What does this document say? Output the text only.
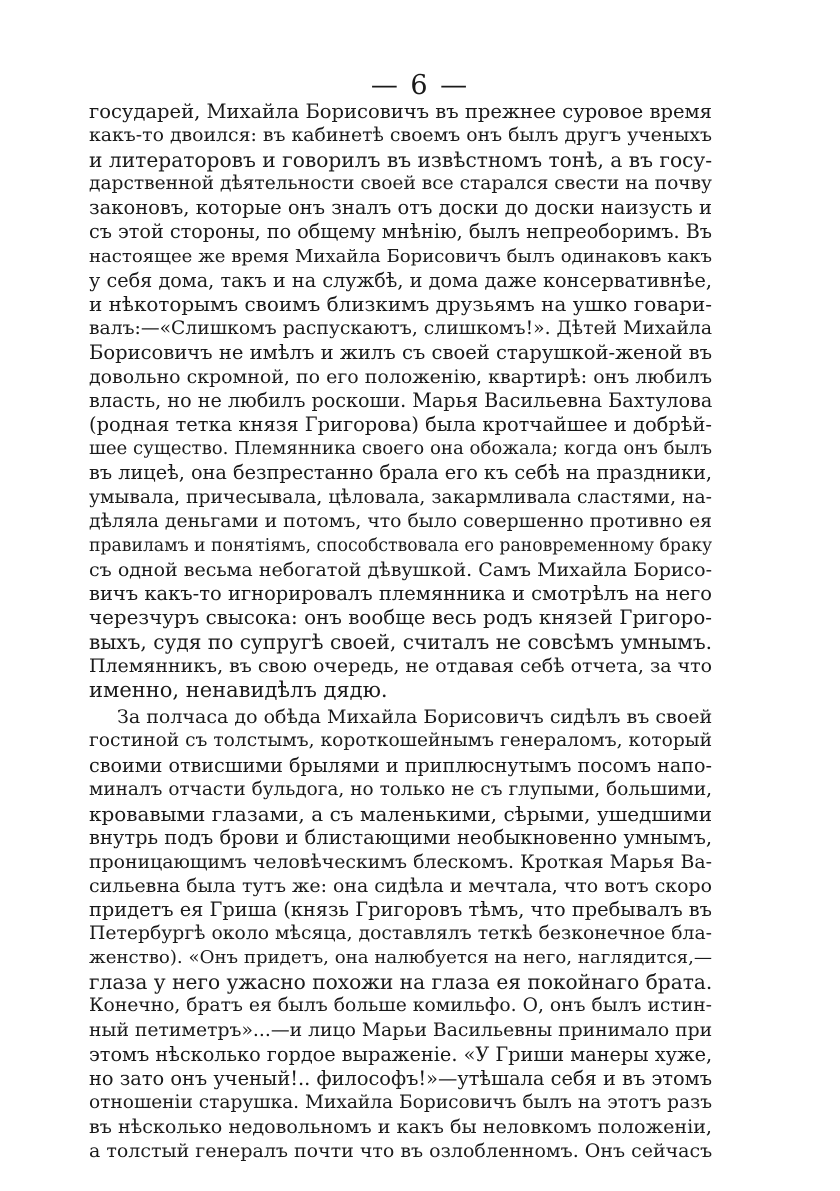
— 6 —
государей, Михайла Борисовичъ въ прежнее суровое время
какъ-то двоился: въ кабинетѣ своемъ онъ былъ другъ ученыхъ
и литераторовъ и говорилъ въ извѣстномъ тонѣ, а въ госу-
дарственной дѣятельности своей все старался свести на почву
законовъ, которые онъ зналъ отъ доски до доски наизусть и
съ этой стороны, по общему мнѣнію, былъ непреоборимъ. Въ
настоящее же время Михайла Борисовичъ былъ одинаковъ какъ
у себя дома, такъ и на службѣ, и дома даже консервативнѣе,
и нѣкоторымъ своимъ близкимъ друзьямъ на ушко говари-
валъ:—«Слишкомъ распускаютъ, слишкомъ!». Дѣтей Михайла
Борисовичъ не имѣлъ и жилъ съ своей старушкой-женой въ
довольно скромной, по его положенію, квартирѣ: онъ любилъ
власть, но не любилъ роскоши. Марья Васильевна Бахтулова
(родная тетка князя Григорова) была кротчайшее и добрѣй-
шее существо. Племянника своего она обожала; когда онъ былъ
въ лицеѣ, она безпрестанно брала его къ себѣ на праздники,
умывала, причесывала, цѣловала, закармливала сластями, на-
дѣляла деньгами и потомъ, что было совершенно противно ея
правиламъ и понятіямъ, способствовала его рановременному браку
съ одной весьма небогатой дѣвушкой. Самъ Михайла Борисо-
вичъ какъ-то игнорировалъ племянника и смотрѣлъ на него
черезчуръ свысока: онъ вообще весь родъ князей Григоро-
выхъ, судя по супругѣ своей, считалъ не совсѣмъ умнымъ.
Племянникъ, въ свою очередь, не отдавая себѣ отчета, за что
именно, ненавидѣлъ дядю.
За полчаса до обѣда Михайла Борисовичъ сидѣлъ въ своей
гостиной съ толстымъ, короткошейнымъ генераломъ, который
своими отвисшими брылями и приплюснутымъ посомъ напо-
миналъ отчасти бульдога, но только не съ глупыми, большими,
кровавыми глазами, а съ маленькими, сѣрыми, ушедшими
внутрь подъ брови и блистающими необыкновенно умнымъ,
проницающимъ человѣческимъ блескомъ. Кроткая Марья Ва-
сильевна была тутъ же: она сидѣла и мечтала, что вотъ скоро
придетъ ея Гриша (князь Григоровъ тѣмъ, что пребывалъ въ
Петербургѣ около мѣсяца, доставлялъ теткѣ безконечное бла-
женство). «Онъ придетъ, она налюбуется на него, наглядится,—
глаза у него ужасно похожи на глаза ея покойнаго брата.
Конечно, братъ ея былъ больше комильфо. О, онъ былъ истин-
ный петиметръ»...—и лицо Марьи Васильевны принимало при
этомъ нѣсколько гордое выраженіе. «У Гриши манеры хуже,
но зато онъ ученый!.. философъ!»—утѣшала себя и въ этомъ
отношеніи старушка. Михайла Борисовичъ былъ на этотъ разъ
въ нѣсколько недовольномъ и какъ бы неловкомъ положеніи,
а толстый генералъ почти что въ озлобленномъ. Онъ сейчасъ
